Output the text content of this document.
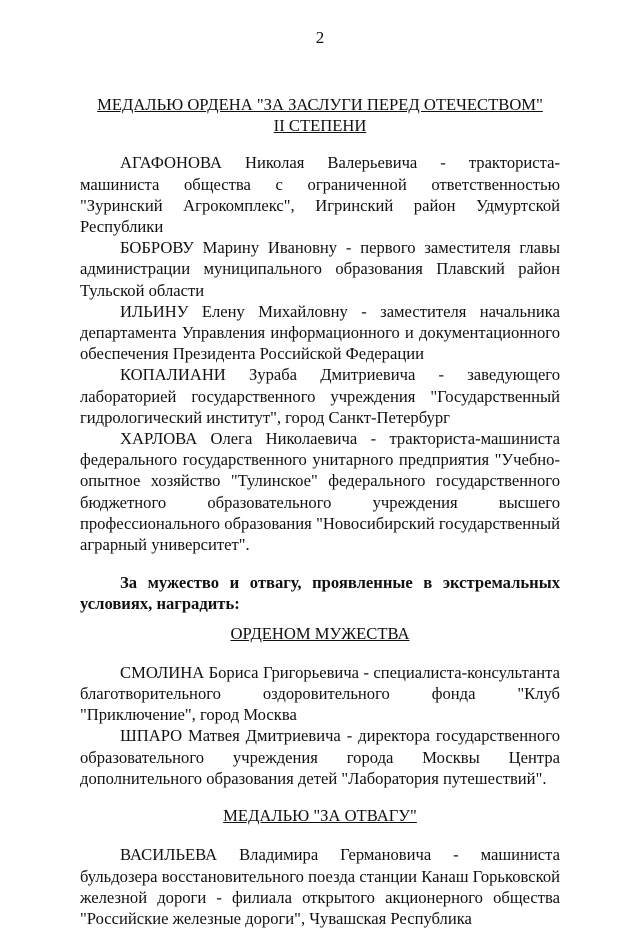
2
МЕДАЛЬЮ ОРДЕНА "ЗА ЗАСЛУГИ ПЕРЕД ОТЕЧЕСТВОМ"
II СТЕПЕНИ

АГАФОНОВА Николая Валерьевича - тракториста-машиниста общества с ограниченной ответственностью "Зуринский Агрокомплекс", Игринский район Удмуртской Республики

БОБРОВУ Марину Ивановну - первого заместителя главы администрации муниципального образования Плавский район Тульской области

ИЛЬИНУ Елену Михайловну - заместителя начальника департамента Управления информационного и документационного обеспечения Президента Российской Федерации

КОПАЛИАНИ Зураба Дмитриевича - заведующего лабораторией государственного учреждения "Государственный гидрологический институт", город Санкт-Петербург

ХАРЛОВА Олега Николаевича - тракториста-машиниста федерального государственного унитарного предприятия "Учебно-опытное хозяйство "Тулинское" федерального государственного бюджетного образовательного учреждения высшего профессионального образования "Новосибирский государственный аграрный университет".

За мужество и отвагу, проявленные в экстремальных условиях, наградить:

ОРДЕНОМ МУЖЕСТВА

СМОЛИНА Бориса Григорьевича - специалиста-консультанта благотворительного оздоровительного фонда "Клуб "Приключение", город Москва

ШПАРО Матвея Дмитриевича - директора государственного образовательного учреждения города Москвы Центра дополнительного образования детей "Лаборатория путешествий".

МЕДАЛЬЮ "ЗА ОТВАГУ"

ВАСИЛЬЕВА Владимира Германовича - машиниста бульдозера восстановительного поезда станции Канаш Горьковской железной дороги - филиала открытого акционерного общества "Российские железные дороги", Чувашская Республика
